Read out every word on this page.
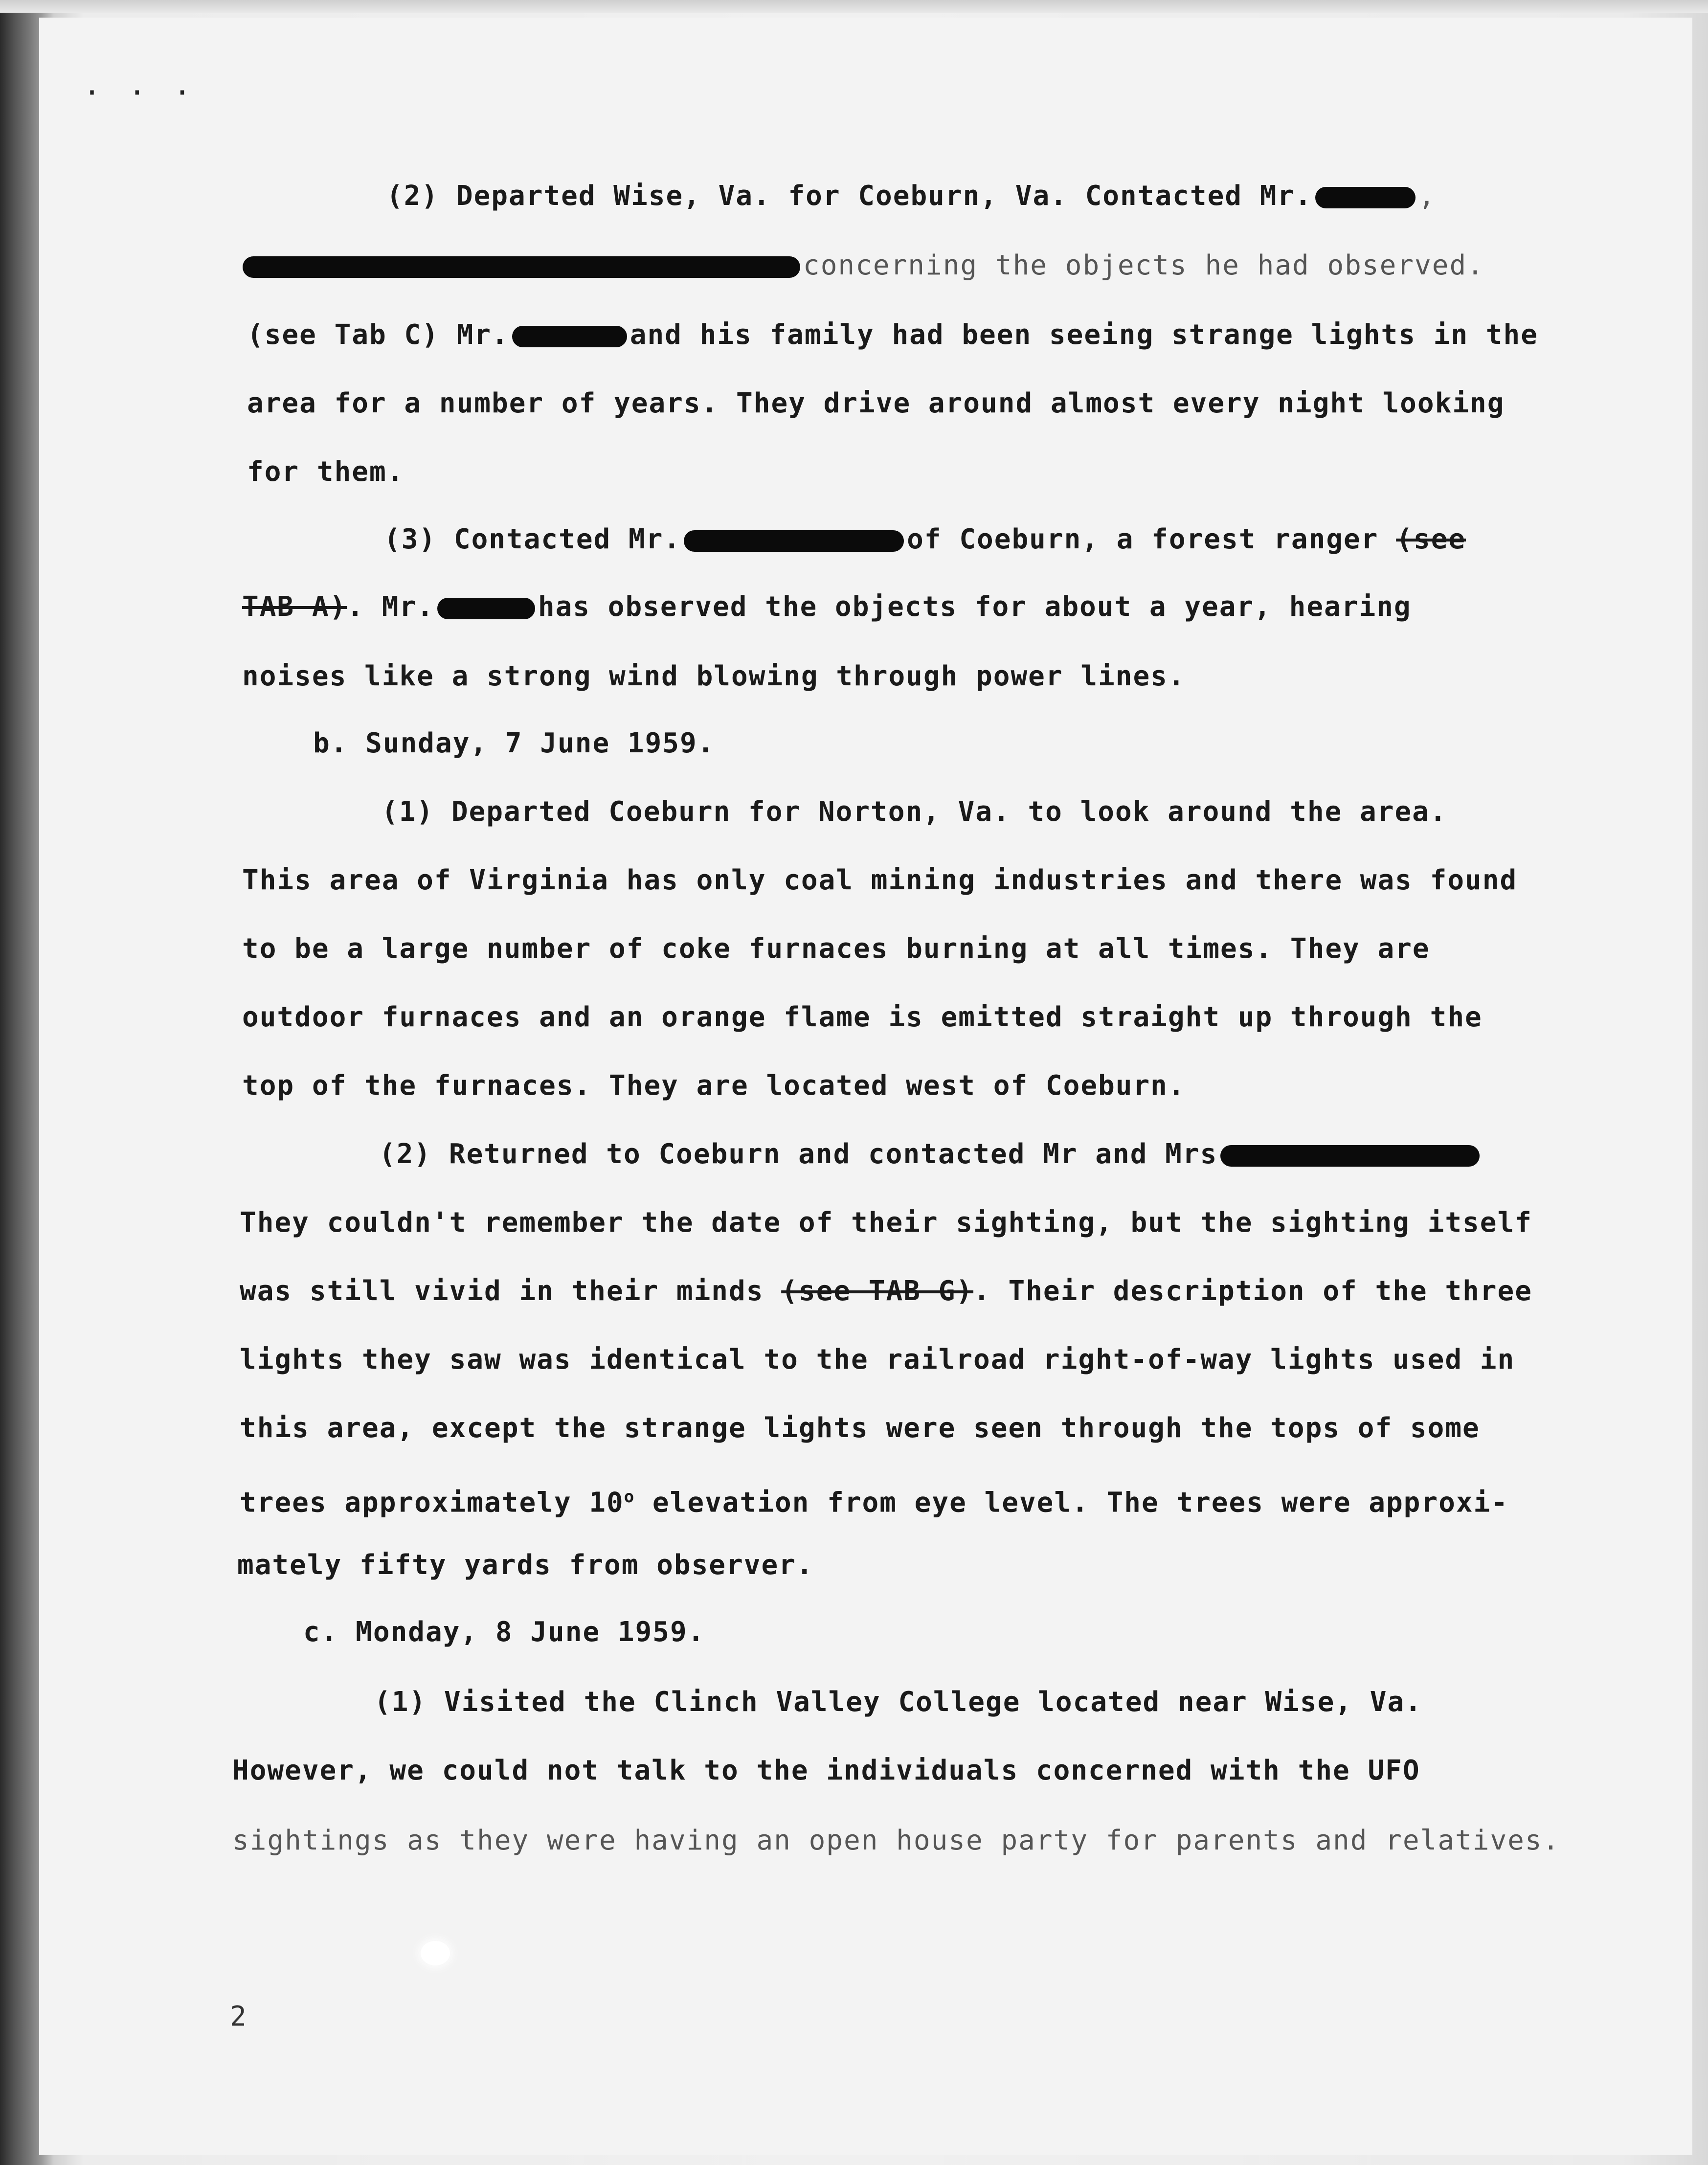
· · ·
(2) Departed Wise, Va. for Coeburn, Va. Contacted Mr.	,
concerning the objects he had observed.
(see Tab C) Mr.	and his family had been seeing strange lights in the
area for a number of years. They drive around almost every night looking
for them.
(3) Contacted Mr.	of Coeburn, a forest ranger (see
TAB A). Mr.	has observed the objects for about a year, hearing
noises like a strong wind blowing through power lines.
b. Sunday, 7 June 1959.
(1) Departed Coeburn for Norton, Va. to look around the area.
This area of Virginia has only coal mining industries and there was found
to be a large number of coke furnaces burning at all times. They are
outdoor furnaces and an orange flame is emitted straight up through the
top of the furnaces. They are located west of Coeburn.
(2) Returned to Coeburn and contacted Mr and Mrs
They couldn't remember the date of their sighting, but the sighting itself
was still vivid in their minds (see TAB G). Their description of the three
lights they saw was identical to the railroad right-of-way lights used in
this area, except the strange lights were seen through the tops of some
trees approximately 10$^o$ elevation from eye level. The trees were approxi-
mately fifty yards from observer.
c. Monday, 8 June 1959.
(1) Visited the Clinch Valley College located near Wise, Va.
However, we could not talk to the individuals concerned with the UFO
sightings as they were having an open house party for parents and relatives.
2
